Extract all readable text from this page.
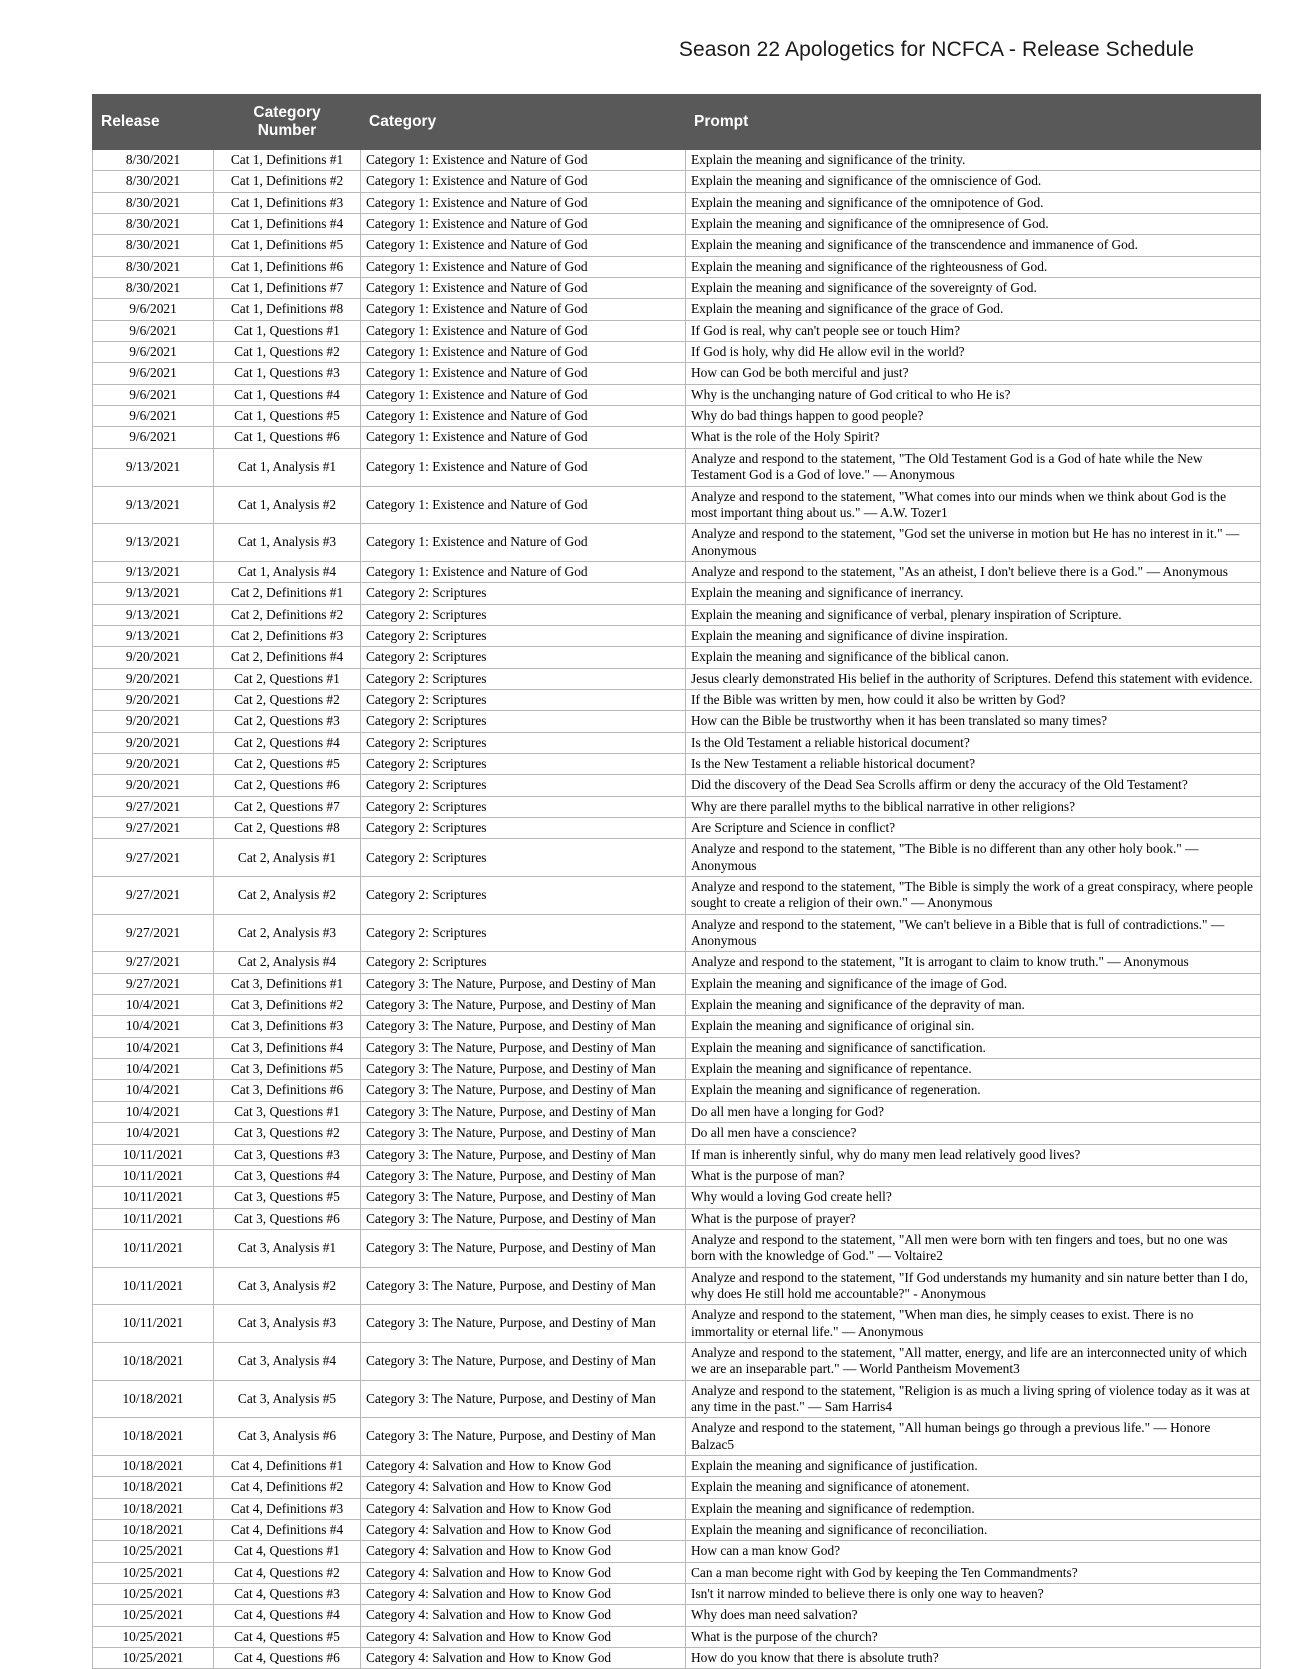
Season 22 Apologetics for NCFCA - Release Schedule
Release	Category Number	Category	Prompt
8/30/2021	Cat 1, Definitions #1	Category 1: Existence and Nature of God	Explain the meaning and significance of the trinity.
8/30/2021	Cat 1, Definitions #2	Category 1: Existence and Nature of God	Explain the meaning and significance of the omniscience of God.
8/30/2021	Cat 1, Definitions #3	Category 1: Existence and Nature of God	Explain the meaning and significance of the omnipotence of God.
8/30/2021	Cat 1, Definitions #4	Category 1: Existence and Nature of God	Explain the meaning and significance of the omnipresence of God.
8/30/2021	Cat 1, Definitions #5	Category 1: Existence and Nature of God	Explain the meaning and significance of the transcendence and immanence of God.
8/30/2021	Cat 1, Definitions #6	Category 1: Existence and Nature of God	Explain the meaning and significance of the righteousness of God.
8/30/2021	Cat 1, Definitions #7	Category 1: Existence and Nature of God	Explain the meaning and significance of the sovereignty of God.
9/6/2021	Cat 1, Definitions #8	Category 1: Existence and Nature of God	Explain the meaning and significance of the grace of God.
9/6/2021	Cat 1, Questions #1	Category 1: Existence and Nature of God	If God is real, why can't people see or touch Him?
9/6/2021	Cat 1, Questions #2	Category 1: Existence and Nature of God	If God is holy, why did He allow evil in the world?
9/6/2021	Cat 1, Questions #3	Category 1: Existence and Nature of God	How can God be both merciful and just?
9/6/2021	Cat 1, Questions #4	Category 1: Existence and Nature of God	Why is the unchanging nature of God critical to who He is?
9/6/2021	Cat 1, Questions #5	Category 1: Existence and Nature of God	Why do bad things happen to good people?
9/6/2021	Cat 1, Questions #6	Category 1: Existence and Nature of God	What is the role of the Holy Spirit?
9/13/2021	Cat 1, Analysis #1	Category 1: Existence and Nature of God	Analyze and respond to the statement, "The Old Testament God is a God of hate while the New Testament God is a God of love." — Anonymous
9/13/2021	Cat 1, Analysis #2	Category 1: Existence and Nature of God	Analyze and respond to the statement, "What comes into our minds when we think about God is the most important thing about us." — A.W. Tozer1
9/13/2021	Cat 1, Analysis #3	Category 1: Existence and Nature of God	Analyze and respond to the statement, "God set the universe in motion but He has no interest in it." — Anonymous
9/13/2021	Cat 1, Analysis #4	Category 1: Existence and Nature of God	Analyze and respond to the statement, "As an atheist, I don't believe there is a God." — Anonymous
9/13/2021	Cat 2, Definitions #1	Category 2: Scriptures	Explain the meaning and significance of inerrancy.
9/13/2021	Cat 2, Definitions #2	Category 2: Scriptures	Explain the meaning and significance of verbal, plenary inspiration of Scripture.
9/13/2021	Cat 2, Definitions #3	Category 2: Scriptures	Explain the meaning and significance of divine inspiration.
9/20/2021	Cat 2, Definitions #4	Category 2: Scriptures	Explain the meaning and significance of the biblical canon.
9/20/2021	Cat 2, Questions #1	Category 2: Scriptures	Jesus clearly demonstrated His belief in the authority of Scriptures. Defend this statement with evidence.
9/20/2021	Cat 2, Questions #2	Category 2: Scriptures	If the Bible was written by men, how could it also be written by God?
9/20/2021	Cat 2, Questions #3	Category 2: Scriptures	How can the Bible be trustworthy when it has been translated so many times?
9/20/2021	Cat 2, Questions #4	Category 2: Scriptures	Is the Old Testament a reliable historical document?
9/20/2021	Cat 2, Questions #5	Category 2: Scriptures	Is the New Testament a reliable historical document?
9/20/2021	Cat 2, Questions #6	Category 2: Scriptures	Did the discovery of the Dead Sea Scrolls affirm or deny the accuracy of the Old Testament?
9/27/2021	Cat 2, Questions #7	Category 2: Scriptures	Why are there parallel myths to the biblical narrative in other religions?
9/27/2021	Cat 2, Questions #8	Category 2: Scriptures	Are Scripture and Science in conflict?
9/27/2021	Cat 2, Analysis #1	Category 2: Scriptures	Analyze and respond to the statement, "The Bible is no different than any other holy book." — Anonymous
9/27/2021	Cat 2, Analysis #2	Category 2: Scriptures	Analyze and respond to the statement, "The Bible is simply the work of a great conspiracy, where people sought to create a religion of their own." — Anonymous
9/27/2021	Cat 2, Analysis #3	Category 2: Scriptures	Analyze and respond to the statement, "We can't believe in a Bible that is full of contradictions." — Anonymous
9/27/2021	Cat 2, Analysis #4	Category 2: Scriptures	Analyze and respond to the statement, "It is arrogant to claim to know truth." — Anonymous
9/27/2021	Cat 3, Definitions #1	Category 3: The Nature, Purpose, and Destiny of Man	Explain the meaning and significance of the image of God.
10/4/2021	Cat 3, Definitions #2	Category 3: The Nature, Purpose, and Destiny of Man	Explain the meaning and significance of the depravity of man.
10/4/2021	Cat 3, Definitions #3	Category 3: The Nature, Purpose, and Destiny of Man	Explain the meaning and significance of original sin.
10/4/2021	Cat 3, Definitions #4	Category 3: The Nature, Purpose, and Destiny of Man	Explain the meaning and significance of sanctification.
10/4/2021	Cat 3, Definitions #5	Category 3: The Nature, Purpose, and Destiny of Man	Explain the meaning and significance of repentance.
10/4/2021	Cat 3, Definitions #6	Category 3: The Nature, Purpose, and Destiny of Man	Explain the meaning and significance of regeneration.
10/4/2021	Cat 3, Questions #1	Category 3: The Nature, Purpose, and Destiny of Man	Do all men have a longing for God?
10/4/2021	Cat 3, Questions #2	Category 3: The Nature, Purpose, and Destiny of Man	Do all men have a conscience?
10/11/2021	Cat 3, Questions #3	Category 3: The Nature, Purpose, and Destiny of Man	If man is inherently sinful, why do many men lead relatively good lives?
10/11/2021	Cat 3, Questions #4	Category 3: The Nature, Purpose, and Destiny of Man	What is the purpose of man?
10/11/2021	Cat 3, Questions #5	Category 3: The Nature, Purpose, and Destiny of Man	Why would a loving God create hell?
10/11/2021	Cat 3, Questions #6	Category 3: The Nature, Purpose, and Destiny of Man	What is the purpose of prayer?
10/11/2021	Cat 3, Analysis #1	Category 3: The Nature, Purpose, and Destiny of Man	Analyze and respond to the statement, "All men were born with ten fingers and toes, but no one was born with the knowledge of God." — Voltaire2
10/11/2021	Cat 3, Analysis #2	Category 3: The Nature, Purpose, and Destiny of Man	Analyze and respond to the statement, "If God understands my humanity and sin nature better than I do, why does He still hold me accountable?" - Anonymous
10/11/2021	Cat 3, Analysis #3	Category 3: The Nature, Purpose, and Destiny of Man	Analyze and respond to the statement, "When man dies, he simply ceases to exist. There is no immortality or eternal life." — Anonymous
10/18/2021	Cat 3, Analysis #4	Category 3: The Nature, Purpose, and Destiny of Man	Analyze and respond to the statement, "All matter, energy, and life are an interconnected unity of which we are an inseparable part." — World Pantheism Movement3
10/18/2021	Cat 3, Analysis #5	Category 3: The Nature, Purpose, and Destiny of Man	Analyze and respond to the statement, "Religion is as much a living spring of violence today as it was at any time in the past." — Sam Harris4
10/18/2021	Cat 3, Analysis #6	Category 3: The Nature, Purpose, and Destiny of Man	Analyze and respond to the statement, "All human beings go through a previous life." — Honore Balzac5
10/18/2021	Cat 4, Definitions #1	Category 4: Salvation and How to Know God	Explain the meaning and significance of justification.
10/18/2021	Cat 4, Definitions #2	Category 4: Salvation and How to Know God	Explain the meaning and significance of atonement.
10/18/2021	Cat 4, Definitions #3	Category 4: Salvation and How to Know God	Explain the meaning and significance of redemption.
10/18/2021	Cat 4, Definitions #4	Category 4: Salvation and How to Know God	Explain the meaning and significance of reconciliation.
10/25/2021	Cat 4, Questions #1	Category 4: Salvation and How to Know God	How can a man know God?
10/25/2021	Cat 4, Questions #2	Category 4: Salvation and How to Know God	Can a man become right with God by keeping the Ten Commandments?
10/25/2021	Cat 4, Questions #3	Category 4: Salvation and How to Know God	Isn't it narrow minded to believe there is only one way to heaven?
10/25/2021	Cat 4, Questions #4	Category 4: Salvation and How to Know God	Why does man need salvation?
10/25/2021	Cat 4, Questions #5	Category 4: Salvation and How to Know God	What is the purpose of the church?
10/25/2021	Cat 4, Questions #6	Category 4: Salvation and How to Know God	How do you know that there is absolute truth?
